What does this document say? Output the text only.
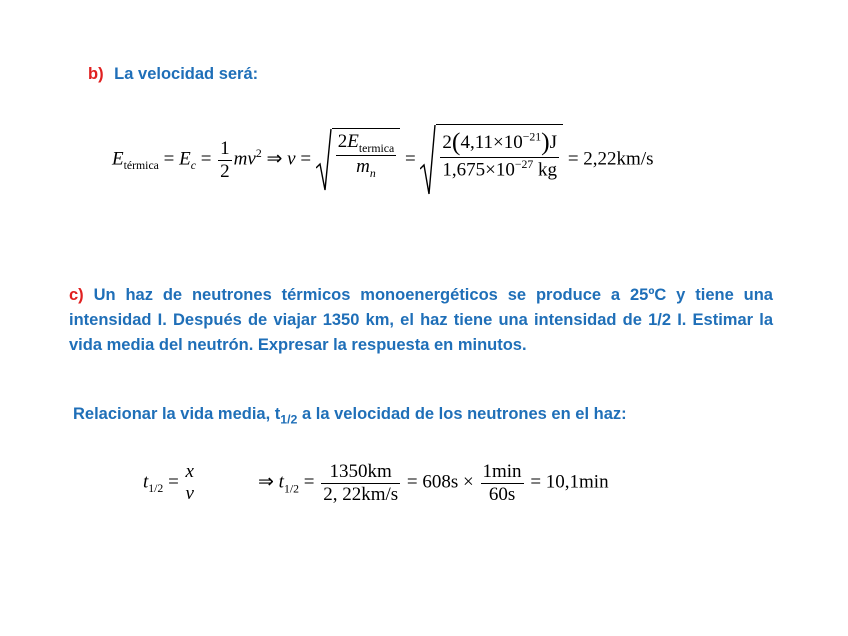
b) La velocidad será:
$E_{térmica} = E_c = \frac{1}{2} mv^2$ ⇒ $v = \frac{2E_{termica}}{m_n} = \frac{2(4,11\times 10^{-21})J}{1,675\times 10^{-27} kg} = 2,22km/s$
c) Un haz de neutrones térmicos monoenergéticos se produce a 25ºC y tiene una intensidad I. Después de viajar 1350 km, el haz tiene una intensidad de 1/2 I. Estimar la vida media del neutrón. Expresar la respuesta en minutos.
Relacionar la vida media, $t_{1/2}$ a la velocidad de los neutrones en el haz:
$t_{1/2} = x$
v
⇒ $t_{1/2} = \frac{1350km}{2, 22km/s} = 608s \times \frac{1\min}{60s} = 10,1\min$
